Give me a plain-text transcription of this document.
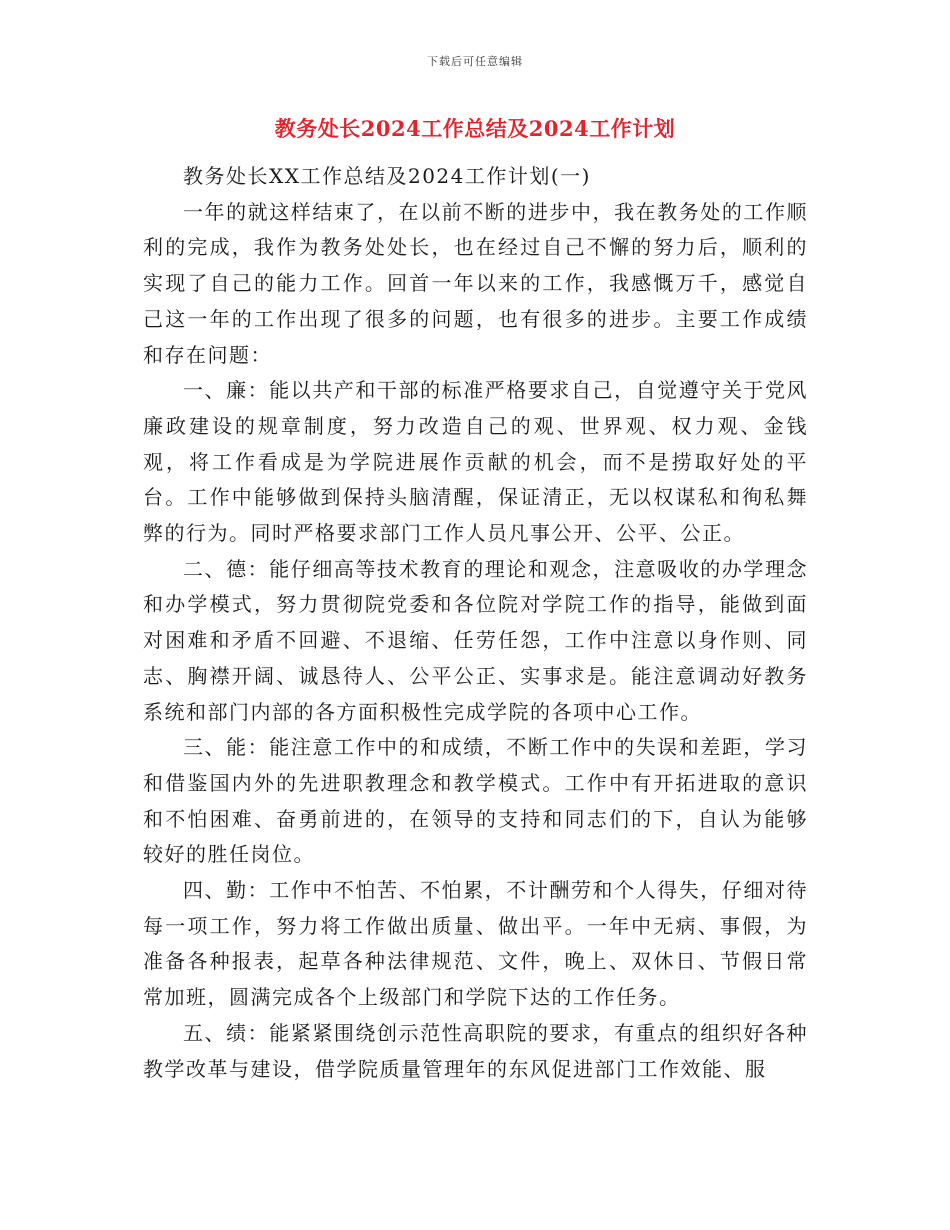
下载后可任意编辑
教务处长2024工作总结及2024工作计划

教务处长XX工作总结及2024工作计划(一)

一年的就这样结束了，在以前不断的进步中，我在教务处的工作顺利的完成，我作为教务处处长，也在经过自己不懈的努力后，顺利的实现了自己的能力工作。回首一年以来的工作，我感慨万千，感觉自己这一年的工作出现了很多的问题，也有很多的进步。主要工作成绩和存在问题：

一、廉：能以共产和干部的标准严格要求自己，自觉遵守关于党风廉政建设的规章制度，努力改造自己的观、世界观、权力观、金钱观，将工作看成是为学院进展作贡献的机会，而不是捞取好处的平台。工作中能够做到保持头脑清醒，保证清正，无以权谋私和徇私舞弊的行为。同时严格要求部门工作人员凡事公开、公平、公正。

二、德：能仔细高等技术教育的理论和观念，注意吸收的办学理念和办学模式，努力贯彻院党委和各位院对学院工作的指导，能做到面对困难和矛盾不回避、不退缩、任劳任怨，工作中注意以身作则、同志、胸襟开阔、诚恳待人、公平公正、实事求是。能注意调动好教务系统和部门内部的各方面积极性完成学院的各项中心工作。

三、能：能注意工作中的和成绩，不断工作中的失误和差距，学习和借鉴国内外的先进职教理念和教学模式。工作中有开拓进取的意识和不怕困难、奋勇前进的，在领导的支持和同志们的下，自认为能够较好的胜任岗位。

四、勤：工作中不怕苦、不怕累，不计酬劳和个人得失，仔细对待每一项工作，努力将工作做出质量、做出平。一年中无病、事假，为准备各种报表，起草各种法律规范、文件，晚上、双休日、节假日常常加班，圆满完成各个上级部门和学院下达的工作任务。

五、绩：能紧紧围绕创示范性高职院的要求，有重点的组织好各种教学改革与建设，借学院质量管理年的东风促进部门工作效能、服
